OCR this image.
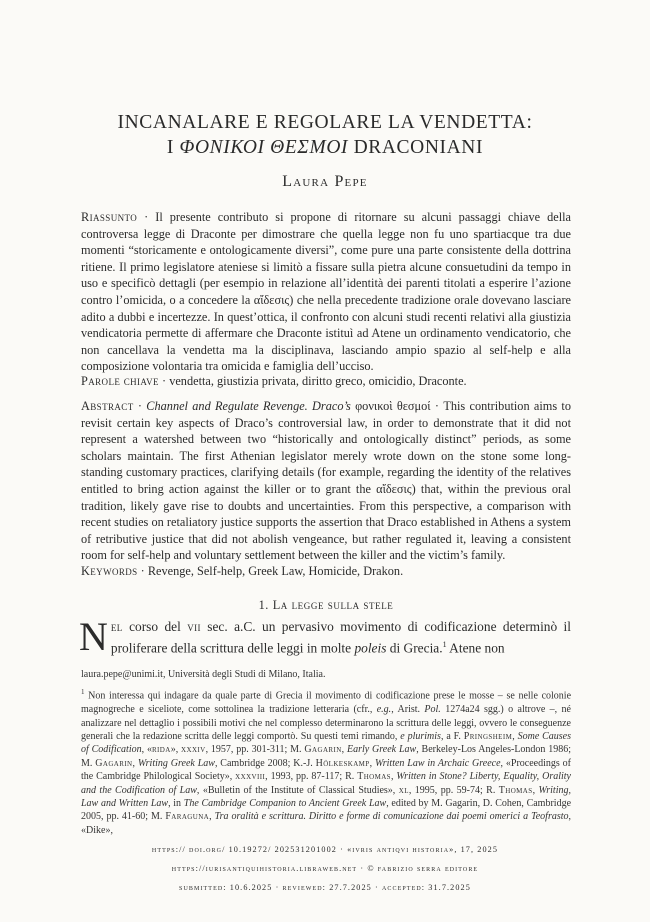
INCANALARE E REGOLARE LA VENDETTA:
I ΦΟΝΙΚΟΙ ΘΕΣΜΟΙ DRACONIANI
Laura Pepe
Riassunto · Il presente contributo si propone di ritornare su alcuni passaggi chiave della controversa legge di Draconte per dimostrare che quella legge non fu uno spartiacque tra due momenti “storicamente e ontologicamente diversi”, come pure una parte consistente della dottrina ritiene. Il primo legislatore ateniese si limitò a fissare sulla pietra alcune consuetudini da tempo in uso e specificò dettagli (per esempio in relazione all’identità dei parenti titolati a esperire l’azione contro l’omicida, o a concedere la αἴδεσις) che nella precedente tradizione orale dovevano lasciare adito a dubbi e incertezze. In quest’ottica, il confronto con alcuni studi recenti relativi alla giustizia vendicatoria permette di affermare che Draconte istituì ad Atene un ordinamento vendicatorio, che non cancellava la vendetta ma la disciplinava, lasciando ampio spazio al self-help e alla composizione volontaria tra omicida e famiglia dell’ucciso.
Parole chiave · vendetta, giustizia privata, diritto greco, omicidio, Draconte.
Abstract · Channel and Regulate Revenge. Draco’s φονικοὶ θεσμοί · This contribution aims to revisit certain key aspects of Draco’s controversial law, in order to demonstrate that it did not represent a watershed between two “historically and ontologically distinct” periods, as some scholars maintain. The first Athenian legislator merely wrote down on the stone some long-standing customary practices, clarifying details (for example, regarding the identity of the relatives entitled to bring action against the killer or to grant the αἴδεσις) that, within the previous oral tradition, likely gave rise to doubts and uncertainties. From this perspective, a comparison with recent studies on retaliatory justice supports the assertion that Draco established in Athens a system of retributive justice that did not abolish vengeance, but rather regulated it, leaving a consistent room for self-help and voluntary settlement between the killer and the victim’s family.
Keywords · Revenge, Self-help, Greek Law, Homicide, Drakon.
1. La legge sulla stele
Nel corso del vii sec. a.C. un pervasivo movimento di codificazione determinò il proliferare della scrittura delle leggi in molte poleis di Grecia.$^1$ Atene non
laura.pepe@unimi.it, Università degli Studi di Milano, Italia.
$^1$ Non interessa qui indagare da quale parte di Grecia il movimento di codificazione prese le mosse – se nelle colonie magnogreche e siceliote, come sottolinea la tradizione letteraria (cfr., e.g., Arist. Pol. 1274a24 sgg.) o altrove –, né analizzare nel dettaglio i possibili motivi che nel complesso determinarono la scrittura delle leggi, ovvero le conseguenze generali che la redazione scritta delle leggi comportò. Su questi temi rimando, e plurimis, a F. Pringsheim, Some Causes of Codification, «rida», xxxiv, 1957, pp. 301-311; M. Gagarin, Early Greek Law, Berkeley-Los Angeles-London 1986; M. Gagarin, Writing Greek Law, Cambridge 2008; K.-J. Hölkeskamp, Written Law in Archaic Greece, «Proceedings of the Cambridge Philological Society», xxxviii, 1993, pp. 87-117; R. Thomas, Written in Stone? Liberty, Equality, Orality and the Codification of Law, «Bulletin of the Institute of Classical Studies», xl, 1995, pp. 59-74; R. Thomas, Writing, Law and Written Law, in The Cambridge Companion to Ancient Greek Law, edited by M. Gagarin, D. Cohen, Cambridge 2005, pp. 41-60; M. Faraguna, Tra oralità e scrittura. Diritto e forme di comunicazione dai poemi omerici a Teofrasto, «Dike»,
https:// doi.org/ 10.19272/ 202531201002 · «ivris antiqvi historia», 17, 2025
https://iurisantiquihistoria.libraweb.net · © fabrizio serra editore
submitted: 10.6.2025 · reviewed: 27.7.2025 · accepted: 31.7.2025
